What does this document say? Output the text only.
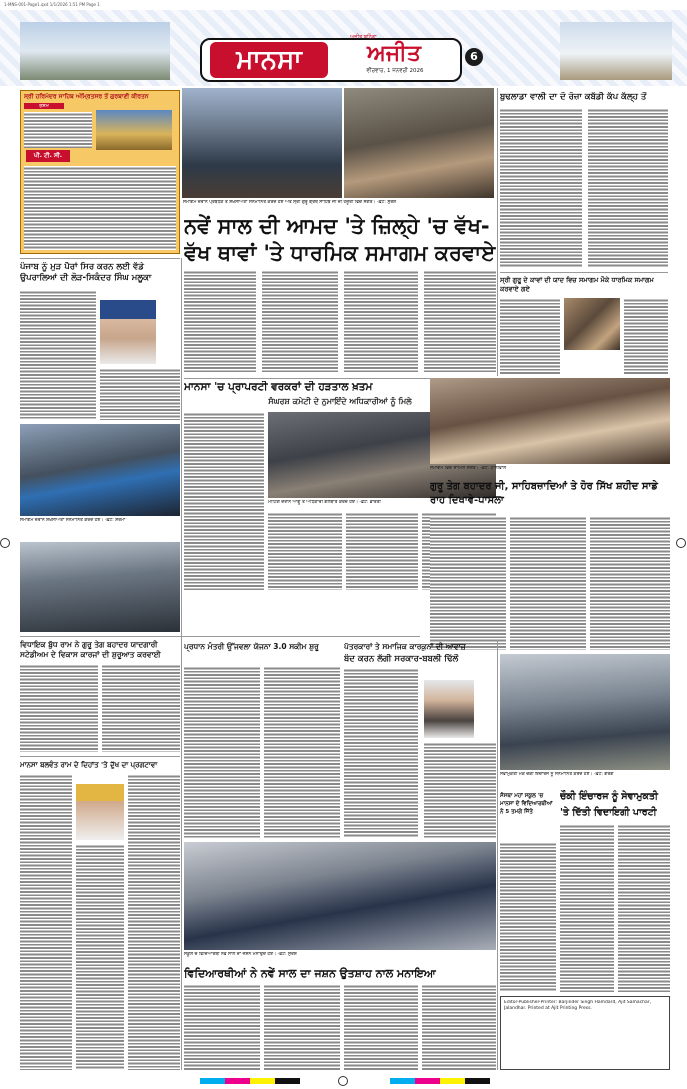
1-MNS-001-Page1.qxd 1/1/2026 1:51 PM Page 1
ਮਾਨਸਾ	ਅਜੀਤ
ਅਜੀਤ ਬਠਿੰਡਾ
ਵੀਰਵਾਰ, 1 ਜਨਵਰੀ 2026
6
ਸ੍ਰੀ ਹਰਿਮੰਦਰ ਸਾਹਿਬ ਅੰਮ੍ਰਿਤਸਰ ਤੋਂ ਗੁਰਬਾਣੀ ਕੀਰਤਨ
ਰਸ਼ਮ
ਪੀ. ਟੀ. ਸੀ.
ਸਮਾਗਮ ਦੌਰਾਨ ਪ੍ਰਬੰਧਕ ਤੇ ਸ਼ਖ਼ਸੀਅਤਾਂ ਸਨਮਾਨਿਤ ਕਰਦੇ ਹੋਏ ਅਤੇ ਸ੍ਰੀ ਗੁਰੂ ਗ੍ਰੰਥ ਸਾਹਿਬ ਜੀ ਦੀ ਹਜ਼ੂਰੀ ਵਿਚ ਸੰਗਤ। -ਫ਼ੋਟੋ: ਸੁਰੇਸ਼
ਨਵੇਂ ਸਾਲ ਦੀ ਆਮਦ 'ਤੇ ਜ਼ਿਲ੍ਹੇ 'ਚ ਵੱਖ-
ਵੱਖ ਥਾਵਾਂ 'ਤੇ ਧਾਰਮਿਕ ਸਮਾਗਮ ਕਰਵਾਏ
ਬੁਢਲਾਡਾ ਵਾਲੀ ਦਾ ਦੋ ਰੋਜ਼ਾ ਕਬੱਡੀ ਕੱਪ ਕੱਲ੍ਹ ਤੋਂ
ਸ੍ਰੀ ਗੁਰੂ ਦੇ ਕਾਵਾਂ ਦੀ ਯਾਦ ਵਿਚ ਸਮਾਗਮ ਮੌਕੇ ਧਾਰਮਿਕ ਸਮਾਗਮ ਕਰਵਾਏ ਗਏ
ਪੰਜਾਬ ਨੂੰ ਮੁੜ ਪੈਰਾਂ ਸਿਰ ਕਰਨ ਲਈ ਵੱਡੇ ਉਪਰਾਲਿਆਂ ਦੀ ਲੋੜ-ਸਿਕੰਦਰ ਸਿੰਘ ਮਲੂਕਾ
ਮਾਨਸਾ 'ਚ ਪ੍ਰਾਪਰਟੀ ਵਰਕਰਾਂ ਦੀ ਹੜਤਾਲ ਖ਼ਤਮ
ਸੰਘਰਸ਼ ਕਮੇਟੀ ਦੇ ਨੁਮਾਇੰਦੇ ਅਧਿਕਾਰੀਆਂ ਨੂੰ ਮਿਲੇ
ਮੀਟਿੰਗ ਦੌਰਾਨ ਆਗੂ ਤੇ ਅਧਿਕਾਰੀ ਗੱਲਬਾਤ ਕਰਦੇ ਹੋਏ। -ਫ਼ੋਟੋ: ਭਾਰਤੀ
ਸਮਾਗਮ ਦੌਰਾਨ ਸ਼ਖ਼ਸੀਅਤਾਂ ਸਨਮਾਨਿਤ ਕਰਦੇ ਹੋਏ। -ਫ਼ੋਟੋ: ਸ਼ਰਮਾ
ਸਮਾਗਮ ਵਿਚ ਸ਼ਾਮਿਲ ਸੰਗਤ। -ਫ਼ੋਟੋ: ਧਾਲੀਵਾਲ
ਗੁਰੂ ਤੇਗ ਬਹਾਦਰ ਜੀ, ਸਾਹਿਬਜ਼ਾਦਿਆਂ ਤੇ ਹੋਰ ਸਿੱਖ ਸ਼ਹੀਦ ਸਾਡੇ ਰਾਹ ਦਿਖਾਵੇ-ਪਾਸਲਾ
ਵਿਧਾਇਕ ਬੁੱਧ ਰਾਮ ਨੇ ਗੁਰੂ ਤੇਗ ਬਹਾਦਰ ਯਾਦਗਾਰੀ ਸਟੇਡੀਅਮ ਦੇ ਵਿਕਾਸ ਕਾਰਜਾਂ ਦੀ ਸ਼ੁਰੂਆਤ ਕਰਵਾਈ
ਪ੍ਰਧਾਨ ਮੰਤਰੀ ਉੱਜਵਲਾ ਯੋਜਨਾ 3.0 ਸਕੀਮ ਸ਼ੁਰੂ	ਪੱਤਰਕਾਰਾਂ ਤੇ ਸਮਾਜਿਕ ਕਾਰਕੁਨਾਂ ਦੀ ਆਵਾਜ਼
ਬੰਦ ਕਰਨ ਲੱਗੀ ਸਰਕਾਰ-ਬਬਲੀ ਢਿੱਲੋਂ
ਮਾਨਸਾ ਬਲਵੰਤ ਰਾਮ ਦੇ ਦਿਹਾਂਤ 'ਤੇ ਦੁੱਖ ਦਾ ਪ੍ਰਗਟਾਵਾ
ਸਕੂਲ ਦੇ ਵਿਦਿਆਰਥੀ ਨਵੇਂ ਸਾਲ ਦਾ ਜਸ਼ਨ ਮਨਾਉਂਦੇ ਹੋਏ। -ਫ਼ੋਟੋ: ਸੁਰੇਸ਼
ਵਿਦਿਆਰਥੀਆਂ ਨੇ ਨਵੇਂ ਸਾਲ ਦਾ ਜਸ਼ਨ ਉਤਸ਼ਾਹ ਨਾਲ ਮਨਾਇਆ
ਸੇਵਾਮੁਕਤੀ ਮੌਕੇ ਚੌਕੀ ਇੰਚਾਰਜ ਨੂੰ ਸਨਮਾਨਿਤ ਕਰਦੇ ਹੋਏ। -ਫ਼ੋਟੋ: ਗਰਗ
ਸੰਸਥਾ ਮਹਾਂ ਸਕੂਲ 'ਚ ਮਾਨਸਾ ਦੇ ਵਿਦਿਆਰਥੀਆਂ ਨੇ 5 ਤਮਗੇ ਜਿੱਤੇ
ਚੌਕੀ ਇੰਚਾਰਜ ਨੂੰ ਸੇਵਾਮੁਕਤੀ
'ਤੇ ਦਿੱਤੀ ਵਿਦਾਇਗੀ ਪਾਰਟੀ
Editor-Publisher-Printer: Barjinder Singh Hamdard, Ajit Samachar, Jalandhar. Printed at Ajit Printing Press.
